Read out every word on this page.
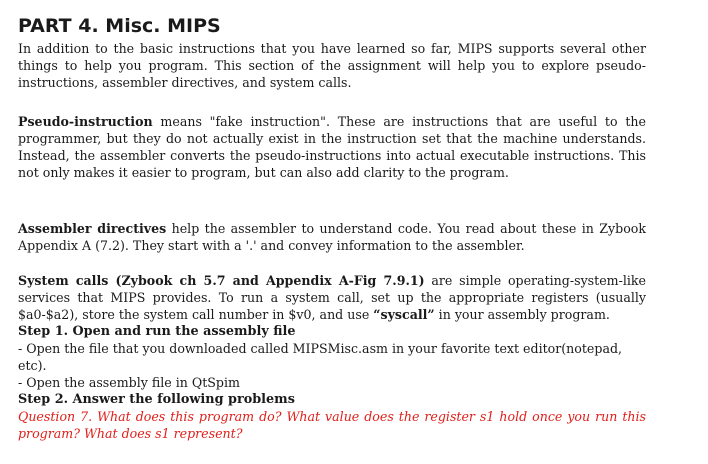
PART 4. Misc. MIPS

In addition to the basic instructions that you have learned so far, MIPS supports several other things to help you program. This section of the assignment will help you to explore pseudo-instructions, assembler directives, and system calls.

Pseudo-instruction means "fake instruction". These are instructions that are useful to the programmer, but they do not actually exist in the instruction set that the machine understands. Instead, the assembler converts the pseudo-instructions into actual executable instructions. This not only makes it easier to program, but can also add clarity to the program.

Assembler directives help the assembler to understand code. You read about these in Zybook Appendix A (7.2). They start with a '.' and convey information to the assembler.

System calls (Zybook ch 5.7 and Appendix A-Fig 7.9.1) are simple operating-system-like services that MIPS provides. To run a system call, set up the appropriate registers (usually $a0-$a2), store the system call number in $v0, and use “syscall” in your assembly program.

Step 1. Open and run the assembly file

- Open the file that you downloaded called MIPSMisc.asm in your favorite text editor(notepad, etc).

- Open the assembly file in QtSpim

Step 2. Answer the following problems

Question 7. What does this program do? What value does the register s1 hold once you run this program? What does s1 represent?
